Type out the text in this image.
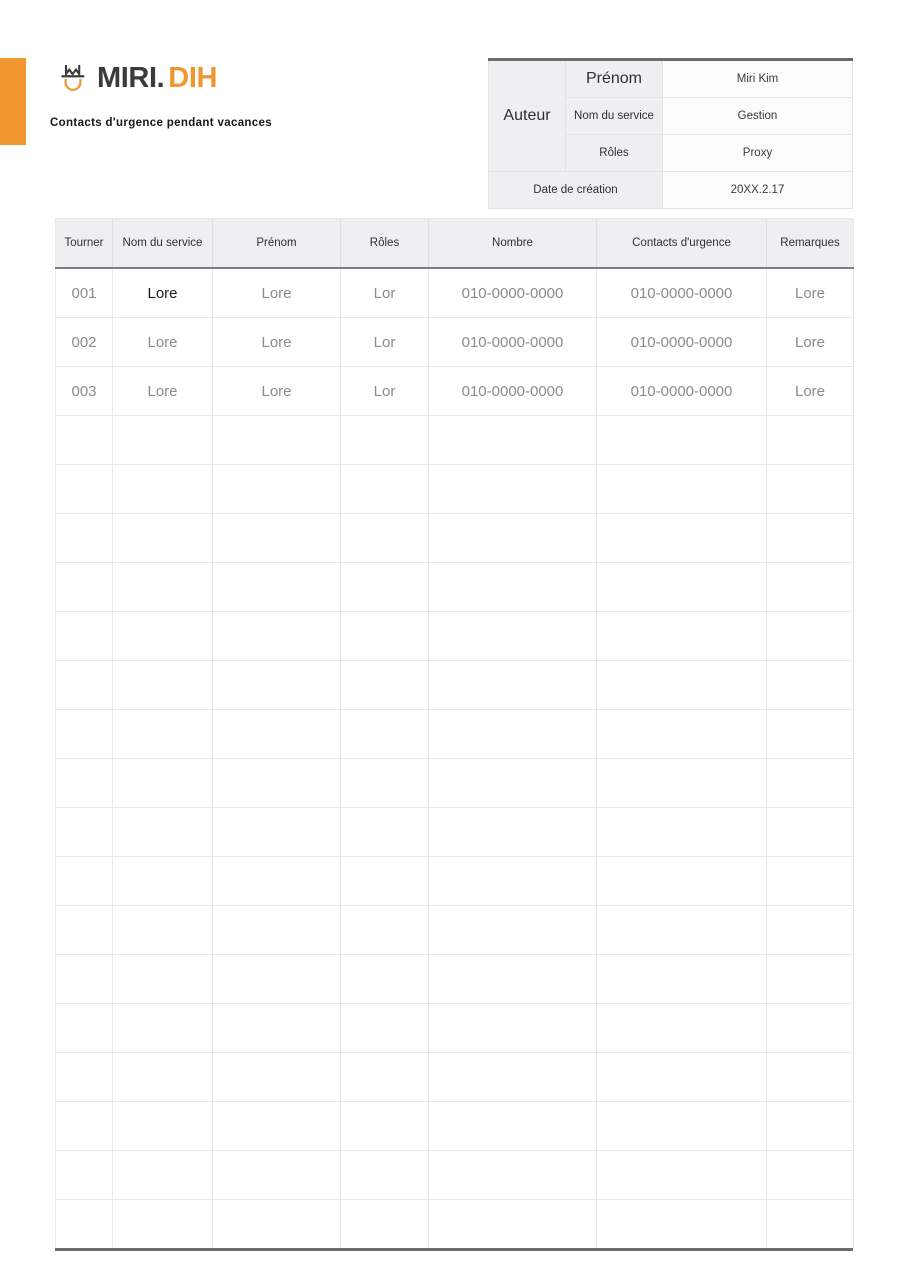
MIRI. DIH
Contacts d'urgence pendant vacances	Auteur	Prénom	Miri Kim
	Nom du service	Gestion
	Rôles	Proxy
Date de création		20XX.2.17
Tourner	Nom du service	Prénom	Rôles	Nombre	Contacts d'urgence	Remarques
001	Lore	Lore	Lor	010-0000-0000	010-0000-0000	Lore
002	Lore	Lore	Lor	010-0000-0000	010-0000-0000	Lore
003	Lore	Lore	Lor	010-0000-0000	010-0000-0000	Lore
